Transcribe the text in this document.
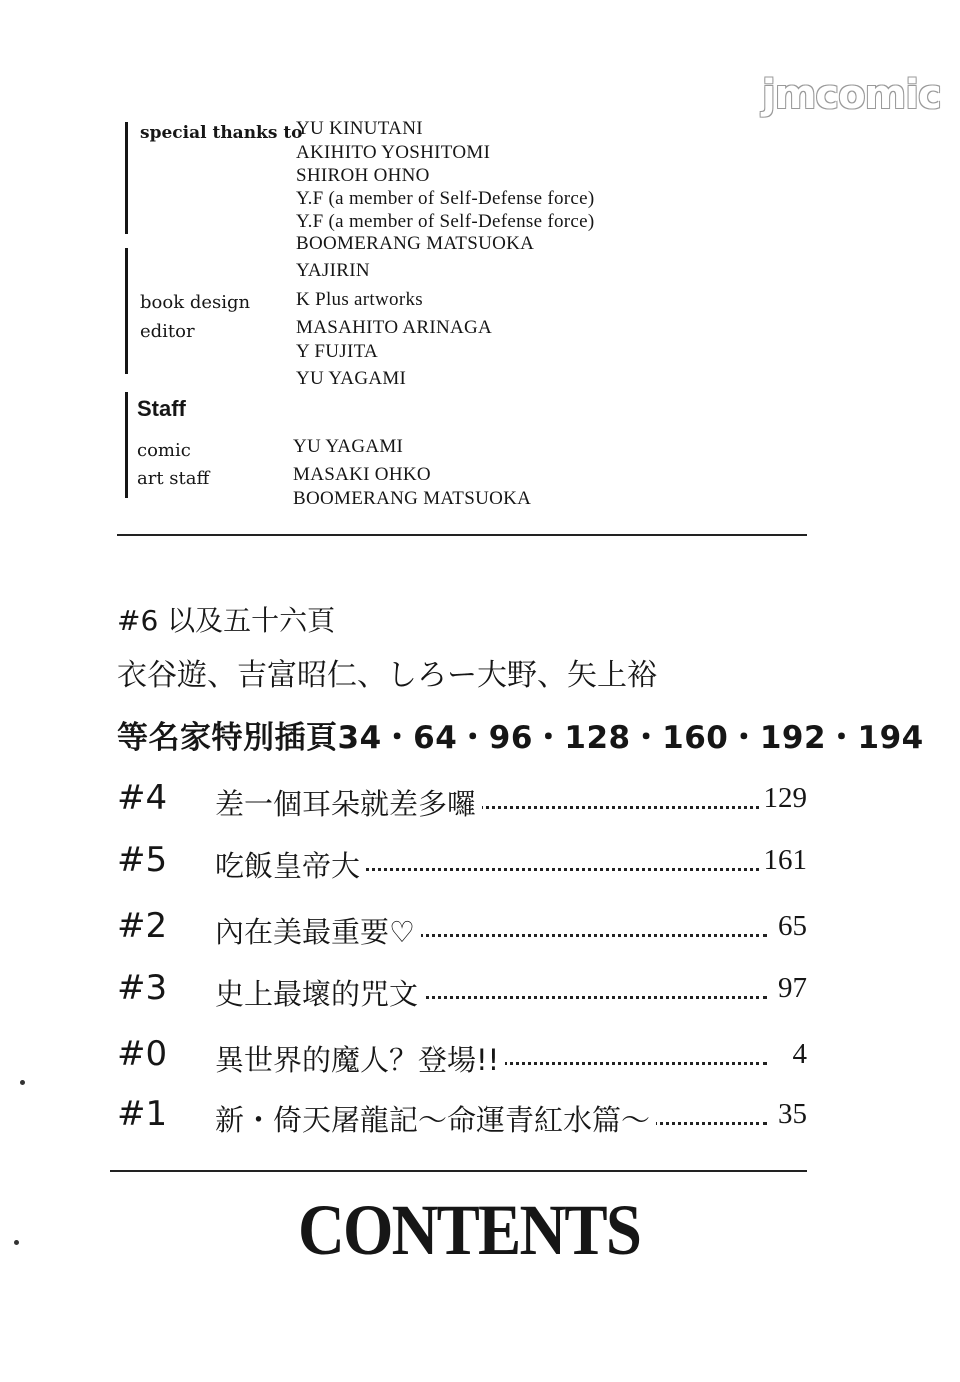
jmcomic
special thanks to
YU KINUTANI
AKIHITO YOSHITOMI
SHIROH OHNO
Y.F (a member of Self-Defense force)
Y.F (a member of Self-Defense force)
BOOMERANG MATSUOKA
YAJIRIN
book design K Plus artworks
editor	MASAHITO ARINAGA
Y FUJITA
YU YAGAMI
Staff
comic	YU YAGAMI
art staff	MASAKI OHKO
BOOMERANG MATSUOKA
#6 以及五十六頁
衣谷遊、吉富昭仁、しろー大野、矢上裕
等名家特別插頁34・64・96・128・160・192・194
#4 差一個耳朵就差多囉	129
#5 吃飯皇帝大	161
#2 內在美最重要♡	65
#3 史上最壞的咒文	97
#0 異世界的魔人？登場!!	4
#1 新・倚天屠龍記～命運青紅水篇～	35
CONTENTS
